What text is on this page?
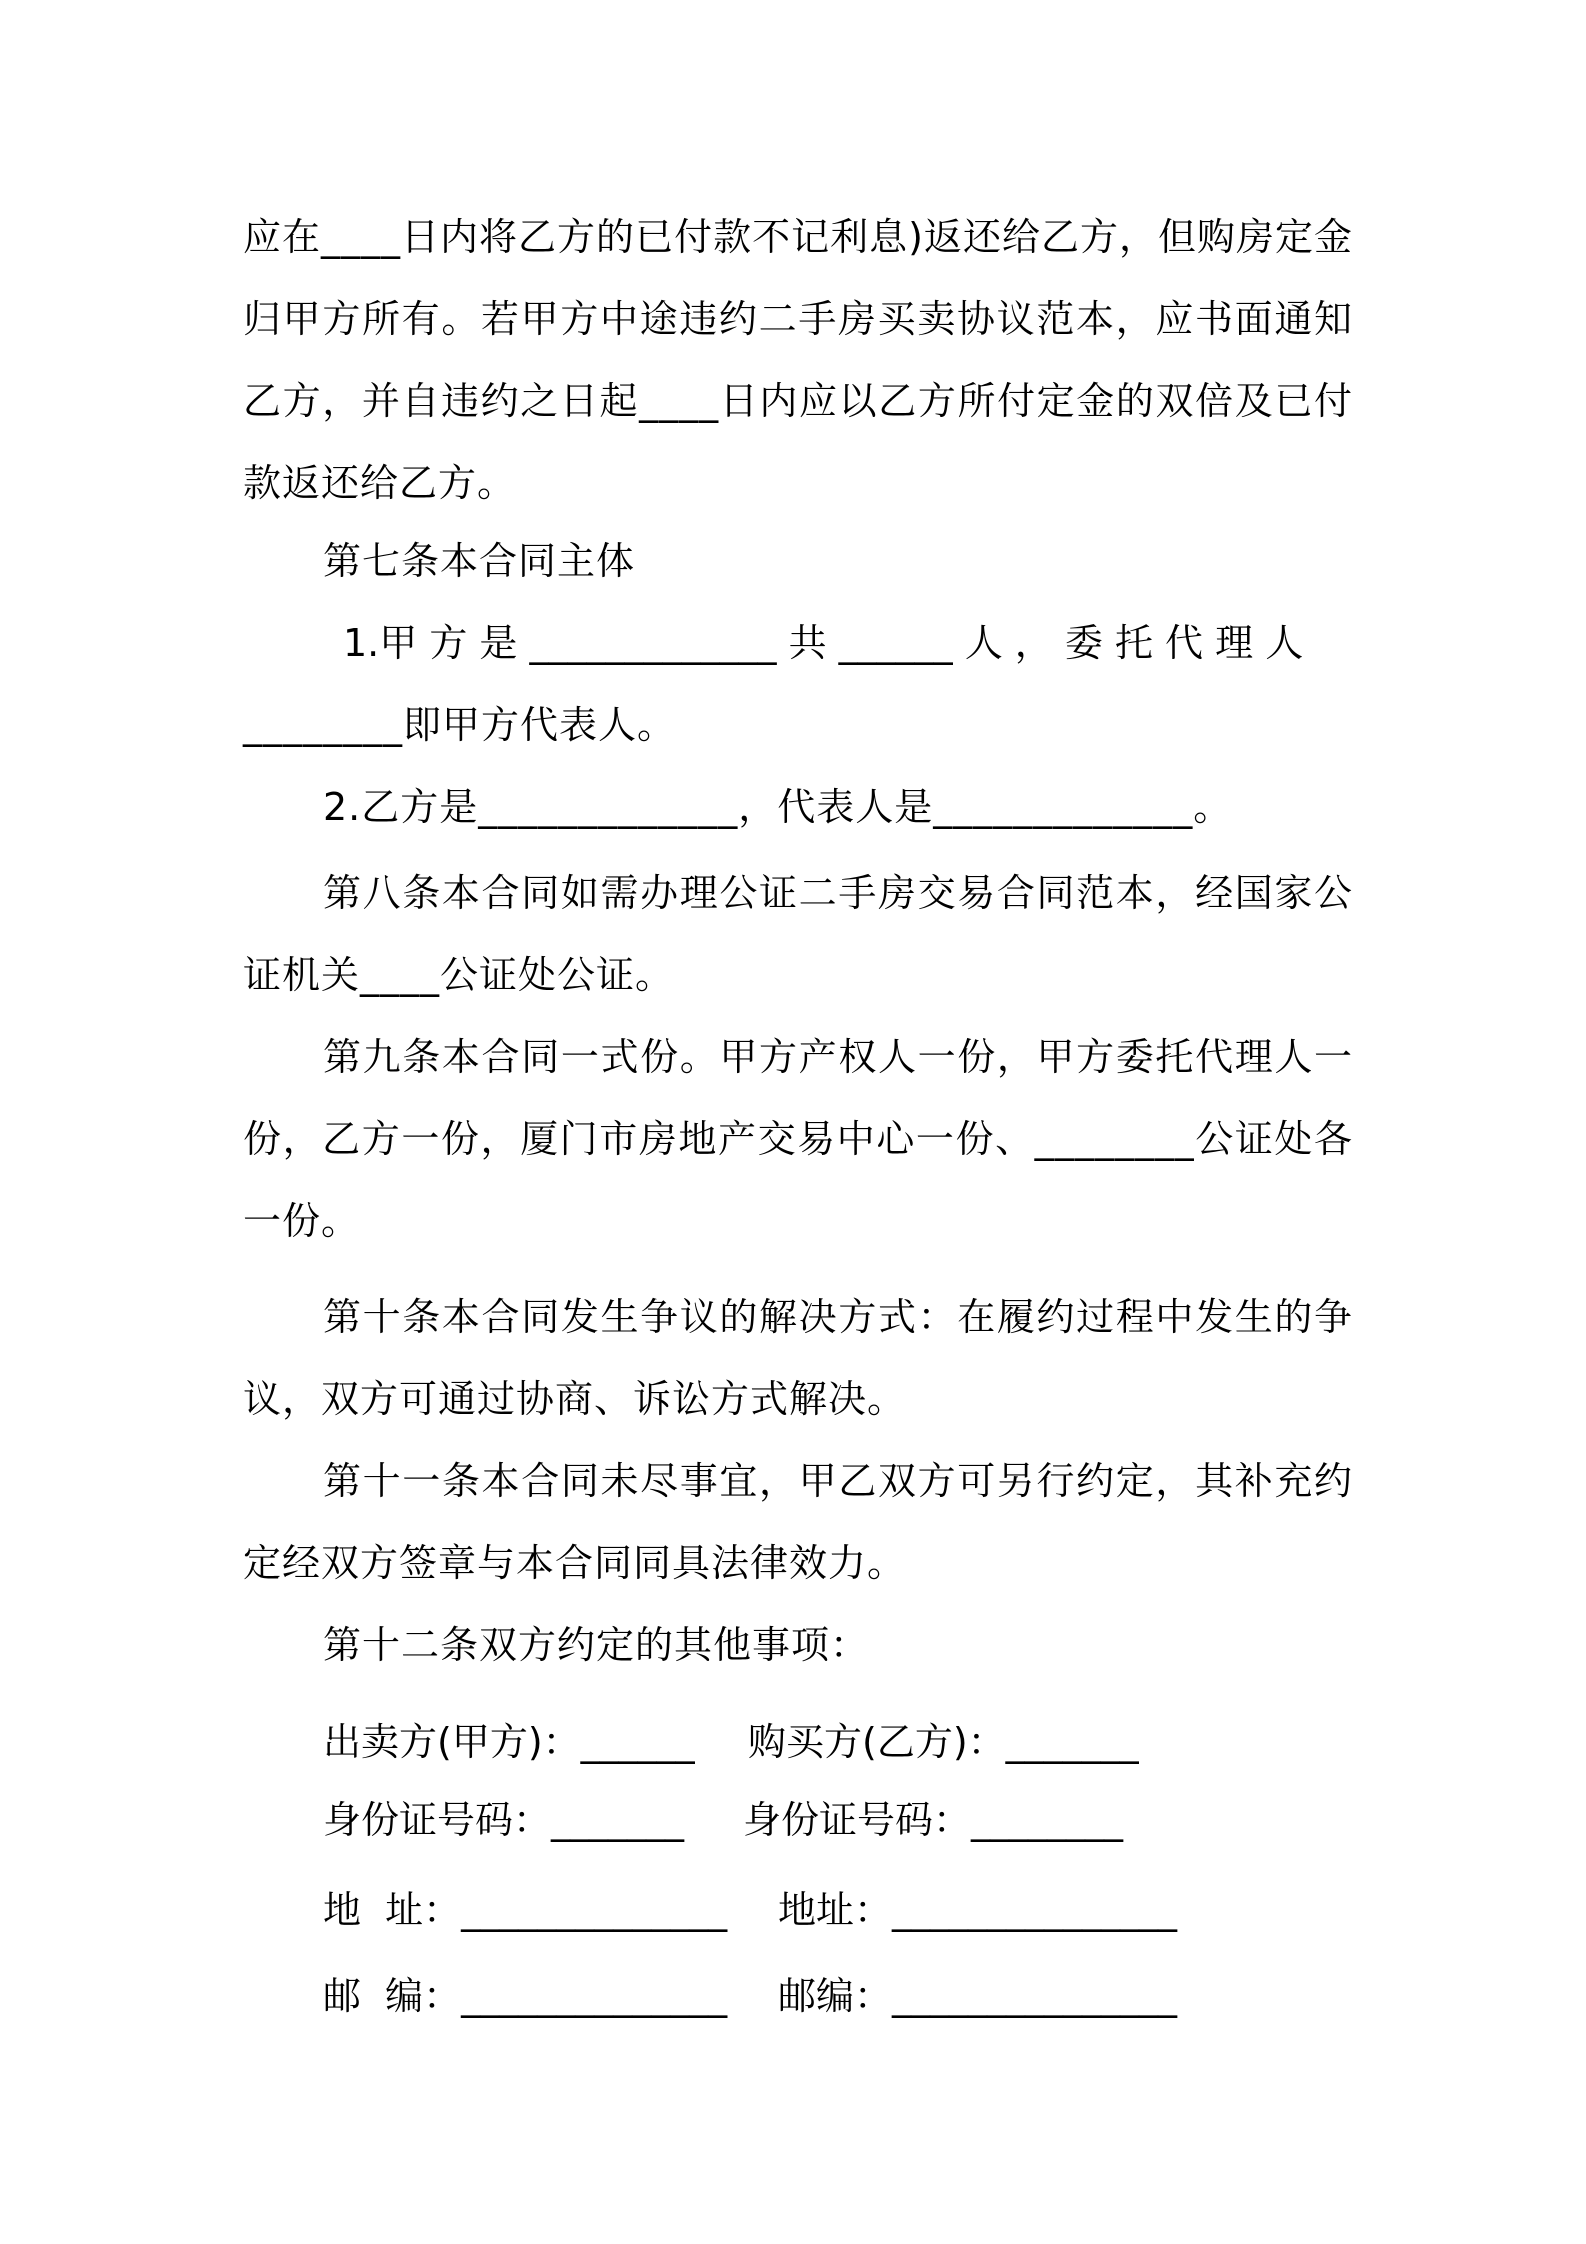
应在____日内将乙方的已付款不记利息)返还给乙方，但购房定金归甲方所有。若甲方中途违约二手房买卖协议范本，应书面通知乙方，并自违约之日起____日内应以乙方所付定金的双倍及已付款返还给乙方。

第七条本合同主体

1.甲 方 是 _____________ 共 ______ 人 ， 委 托 代 理 人

________即甲方代表人。

2.乙方是_____________，代表人是_____________。

第八条本合同如需办理公证二手房交易合同范本，经国家公证机关____公证处公证。

第九条本合同一式份。甲方产权人一份，甲方委托代理人一份，乙方一份，厦门市房地产交易中心一份、________公证处各一份。

第十条本合同发生争议的解决方式：在履约过程中发生的争议，双方可通过协商、诉讼方式解决。

第十一条本合同未尽事宜，甲乙双方可另行约定，其补充约定经双方签章与本合同同具法律效力。

第十二条双方约定的其他事项：

出卖方(甲方)：______

购买方(乙方)：_______

身份证号码：_______

身份证号码：________

地  址：______________

地址：_______________

邮  编：______________

邮编：_______________
